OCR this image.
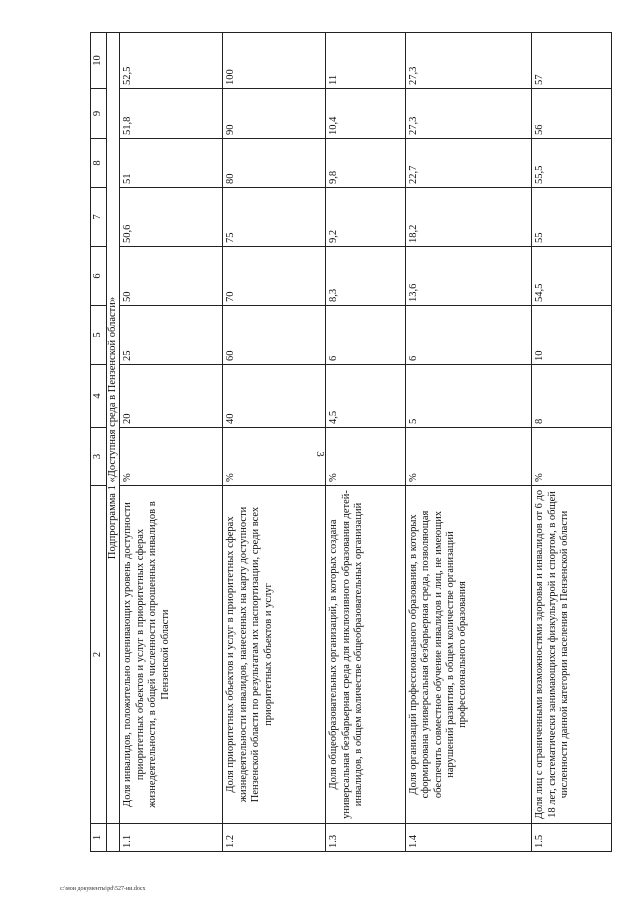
3
1	2	3	4	5	6	7	8	9	10
	Подпрограмма 1 «Доступная среда в Пензенской области»								
1.1	Доля инвалидов, положительно оценивающих уровень доступности приоритетных объектов и услуг в приоритетных сферах жизнедеятельности, в общей численности опрошенных инвалидов в Пензенской области	%	20	25	50	50,6	51	51,8	52,5
1.2	Доля приоритетных объектов и услуг в приоритетных сферах жизнедеятельности инвалидов, нанесенных на карту доступности Пензенской области по результатам их паспортизации, среди всех приоритетных объектов и услуг	%	40	60	70	75	80	90	100
1.3	Доля общеобразовательных организаций, в которых создана универсальная безбарьерная среда для инклюзивного образования детей-инвалидов, в общем количестве общеобразовательных организаций	%	4,5	6	8,3	9,2	9,8	10,4	11
1.4	Доля организаций профессионального образования, в которых сформирована универсальная безбарьерная среда, позволяющая обеспечить совместное обучение инвалидов и лиц, не имеющих нарушений развития, в общем количестве организаций профессионального образования	%	5	6	13,6	18,2	22,7	27,3	27,3
1.5	Доля лиц с ограниченными возможностями здоровья и инвалидов от 6 до 18 лет, систематически занимающихся физкультурой и спортом, в общей численности данной категории населения в Пензенской области	%	8	10	54,5	55	55,5	56	57
c:\мои документы\pd\527-ии.docx
